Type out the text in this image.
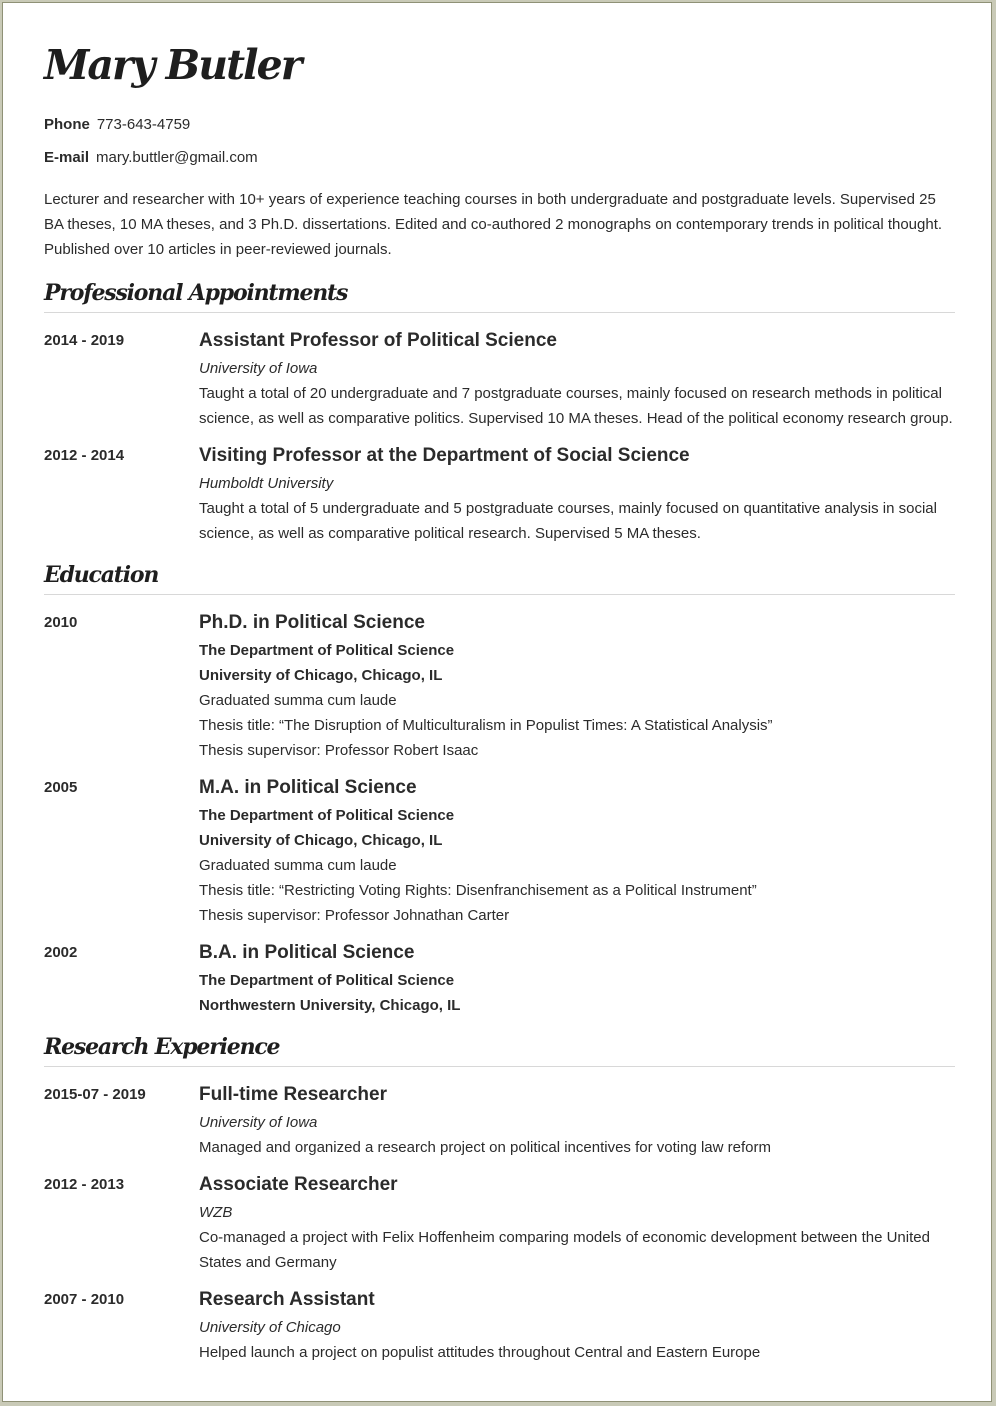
Mary Butler
Phone 773-643-4759
E-mail mary.buttler@gmail.com

Lecturer and researcher with 10+ years of experience teaching courses in both undergraduate and postgraduate levels. Supervised 25 BA theses, 10 MA theses, and 3 Ph.D. dissertations. Edited and co-authored 2 monographs on contemporary trends in political thought. Published over 10 articles in peer-reviewed journals.

Professional Appointments
2014 - 2019	Assistant Professor of Political Science

University of Iowa

Taught a total of 20 undergraduate and 7 postgraduate courses, mainly focused on research methods in political science, as well as comparative politics. Supervised 10 MA theses. Head of the political economy research group.

2012 - 2014	Visiting Professor at the Department of Social Science

Humboldt University

Taught a total of 5 undergraduate and 5 postgraduate courses, mainly focused on quantitative analysis in social science, as well as comparative political research. Supervised 5 MA theses.

Education
2010	Ph.D. in Political Science

The Department of Political Science

University of Chicago, Chicago, IL

Graduated summa cum laude

Thesis title: “The Disruption of Multiculturalism in Populist Times: A Statistical Analysis”

Thesis supervisor: Professor Robert Isaac

2005	M.A. in Political Science

The Department of Political Science

University of Chicago, Chicago, IL

Graduated summa cum laude

Thesis title: “Restricting Voting Rights: Disenfranchisement as a Political Instrument”

Thesis supervisor: Professor Johnathan Carter

2002	B.A. in Political Science

The Department of Political Science

Northwestern University, Chicago, IL

Research Experience
2015-07 - 2019	Full-time Researcher

University of Iowa

Managed and organized a research project on political incentives for voting law reform

2012 - 2013	Associate Researcher

WZB

Co-managed a project with Felix Hoffenheim comparing models of economic development between the United States and Germany

2007 - 2010	Research Assistant

University of Chicago

Helped launch a project on populist attitudes throughout Central and Eastern Europe
